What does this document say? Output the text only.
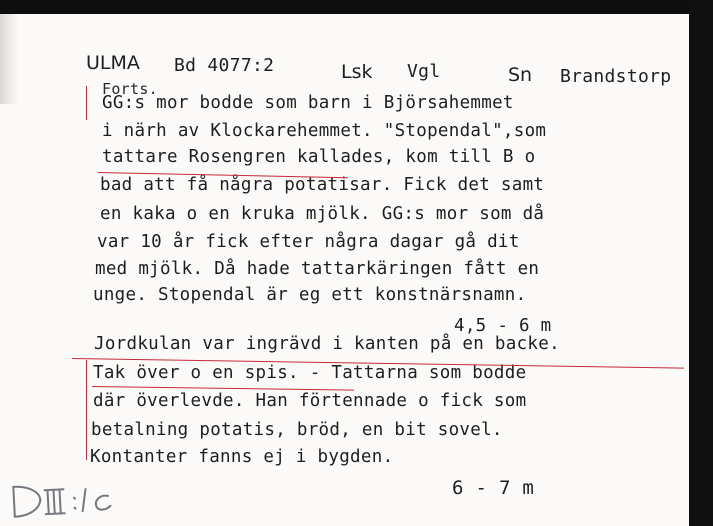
ULMA Bd 4077:2	Lsk Vgl	Sn Brandstorp
Forts.
GG:s mor bodde som barn i Björsahemmet
i närh av Klockarehemmet. "Stopendal",som
tattare Rosengren kallades, kom till B o
bad att få några potatisar. Fick det samt
en kaka o en kruka mjölk. GG:s mor som då
var 10 år fick efter några dagar gå dit
med mjölk. Då hade tattarkäringen fått en
unge. Stopendal är eg ett konstnärsnamn.
4,5 - 6 m
Jordkulan var ingrävd i kanten på en backe.
Tak över o en spis. - Tattarna som bodde
där överlevde. Han förtennade o fick som
betalning potatis, bröd, en bit sovel.
Kontanter fanns ej i bygden.
6 - 7 m
